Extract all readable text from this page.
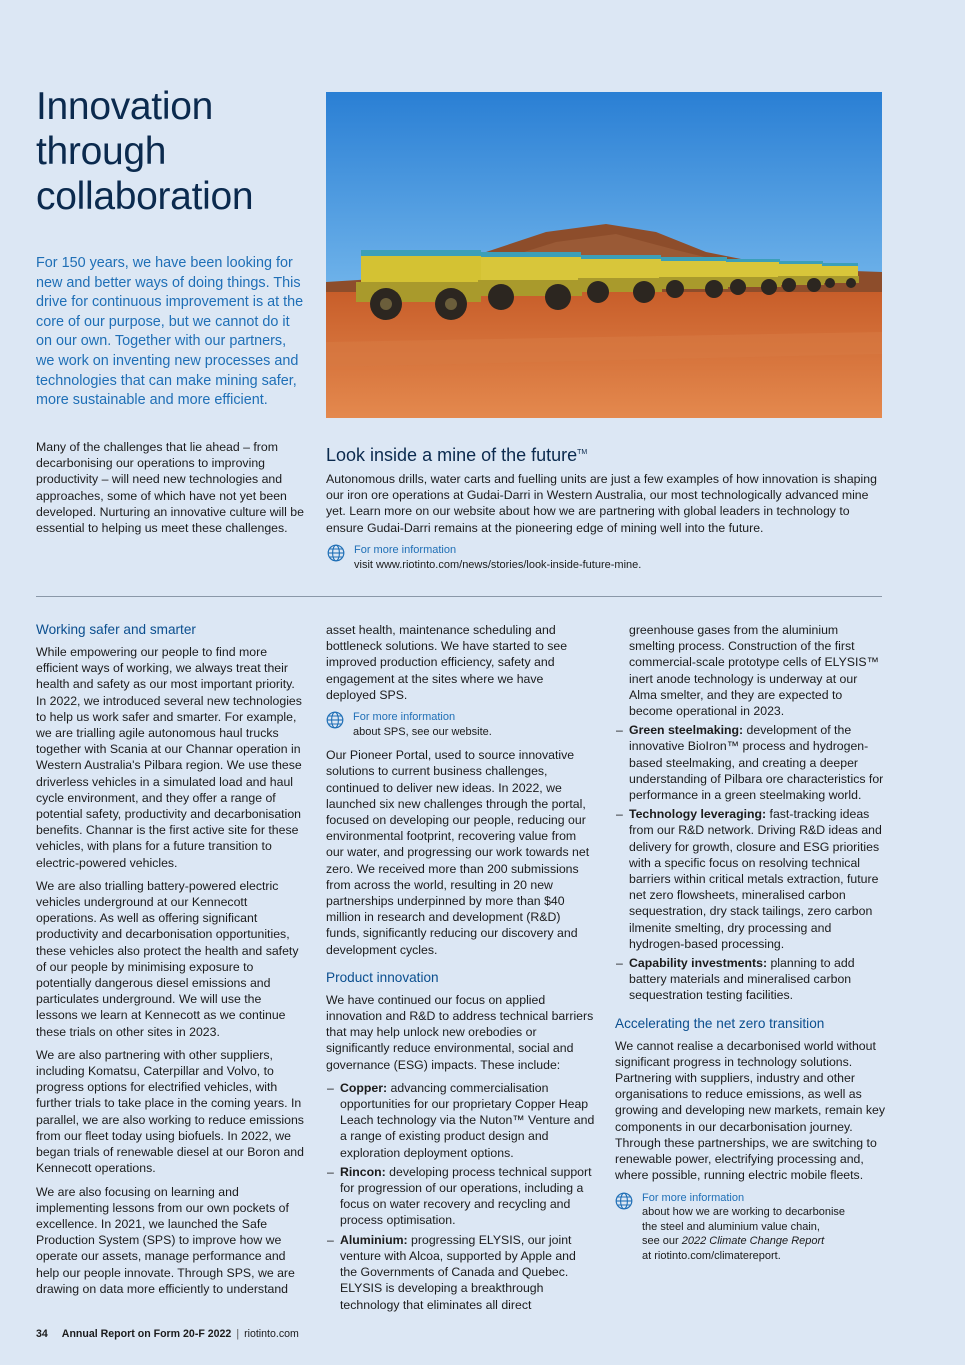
Innovation through collaboration

For 150 years, we have been looking for new and better ways of doing things. This drive for continuous improvement is at the core of our purpose, but we cannot do it on our own. Together with our partners, we work on inventing new processes and technologies that can make mining safer, more sustainable and more efficient.

Many of the challenges that lie ahead – from decarbonising our operations to improving productivity – will need new technologies and approaches, some of which have not yet been developed. Nurturing an innovative culture will be essential to helping us meet these challenges.

Look inside a mine of the future™

Autonomous drills, water carts and fuelling units are just a few examples of how innovation is shaping our iron ore operations at Gudai-Darri in Western Australia, our most technologically advanced mine yet. Learn more on our website about how we are partnering with global leaders in technology to ensure Gudai-Darri remains at the pioneering edge of mining well into the future.

For more information
visit www.riotinto.com/news/stories/look-inside-future-mine.
Working safer and smarter

While empowering our people to find more efficient ways of working, we always treat their health and safety as our most important priority. In 2022, we introduced several new technologies to help us work safer and smarter. For example, we are trialling agile autonomous haul trucks together with Scania at our Channar operation in Western Australia's Pilbara region. We use these driverless vehicles in a simulated load and haul cycle environment, and they offer a range of potential safety, productivity and decarbonisation benefits. Channar is the first active site for these vehicles, with plans for a future transition to electric-powered vehicles.

We are also trialling battery-powered electric vehicles underground at our Kennecott operations. As well as offering significant productivity and decarbonisation opportunities, these vehicles also protect the health and safety of our people by minimising exposure to potentially dangerous diesel emissions and particulates underground. We will use the lessons we learn at Kennecott as we continue these trials on other sites in 2023.

We are also partnering with other suppliers, including Komatsu, Caterpillar and Volvo, to progress options for electrified vehicles, with further trials to take place in the coming years. In parallel, we are also working to reduce emissions from our fleet today using biofuels. In 2022, we began trials of renewable diesel at our Boron and Kennecott operations.

We are also focusing on learning and implementing lessons from our own pockets of excellence. In 2021, we launched the Safe Production System (SPS) to improve how we operate our assets, manage performance and help our people innovate. Through SPS, we are drawing on data more efficiently to understand

asset health, maintenance scheduling and bottleneck solutions. We have started to see improved production efficiency, safety and engagement at the sites where we have deployed SPS.

For more information
about SPS, see our website.

Our Pioneer Portal, used to source innovative solutions to current business challenges, continued to deliver new ideas. In 2022, we launched six new challenges through the portal, focused on developing our people, reducing our environmental footprint, recovering value from our water, and progressing our work towards net zero. We received more than 200 submissions from across the world, resulting in 20 new partnerships underpinned by more than $40 million in research and development (R&D) funds, significantly reducing our discovery and development cycles.

Product innovation

We have continued our focus on applied innovation and R&D to address technical barriers that may help unlock new orebodies or significantly reduce environmental, social and governance (ESG) impacts. These include:

– Copper: advancing commercialisation opportunities for our proprietary Copper Heap Leach technology via the Nuton™ Venture and a range of existing product design and exploration deployment options.
– Rincon: developing process technical support for progression of our operations, including a focus on water recovery and recycling and process optimisation.
– Aluminium: progressing ELYSIS, our joint venture with Alcoa, supported by Apple and the Governments of Canada and Quebec. ELYSIS is developing a breakthrough technology that eliminates all direct
greenhouse gases from the aluminium smelting process. Construction of the first commercial-scale prototype cells of ELYSIS™ inert anode technology is underway at our Alma smelter, and they are expected to become operational in 2023.
– Green steelmaking: development of the innovative BioIron™ process and hydrogen-based steelmaking, and creating a deeper understanding of Pilbara ore characteristics for performance in a green steelmaking world.
– Technology leveraging: fast-tracking ideas from our R&D network. Driving R&D ideas and delivery for growth, closure and ESG priorities with a specific focus on resolving technical barriers within critical metals extraction, future net zero flowsheets, mineralised carbon sequestration, dry stack tailings, zero carbon ilmenite smelting, dry processing and hydrogen-based processing.
– Capability investments: planning to add battery materials and mineralised carbon sequestration testing facilities.
Accelerating the net zero transition

We cannot realise a decarbonised world without significant progress in technology solutions. Partnering with suppliers, industry and other organisations to reduce emissions, as well as growing and developing new markets, remain key components in our decarbonisation journey. Through these partnerships, we are switching to renewable power, electrifying processing and, where possible, running electric mobile fleets.

For more information
about how we are working to decarbonise the steel and aluminium value chain,
see our 2022 Climate Change Report
at riotinto.com/climatereport.
34 Annual Report on Form 20-F 2022 | riotinto.com
